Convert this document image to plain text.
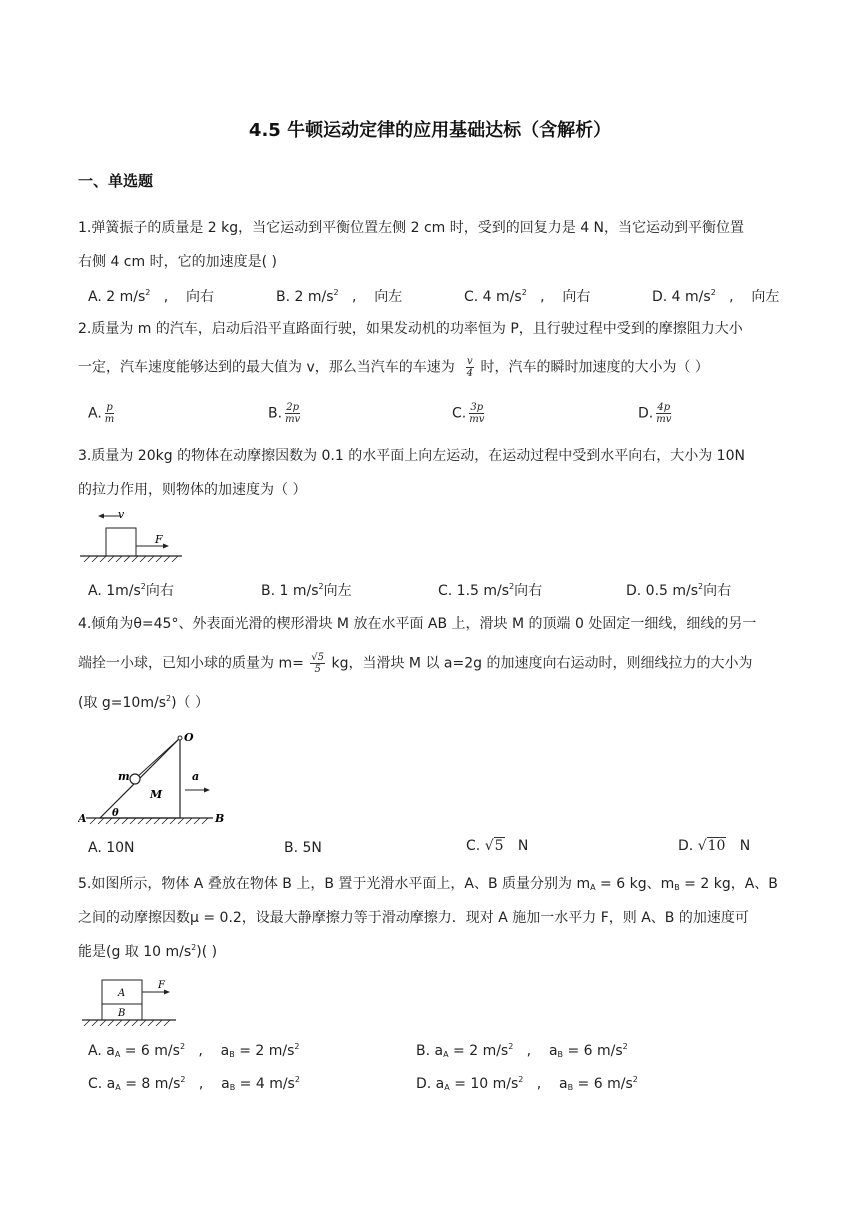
4.5 牛顿运动定律的应用基础达标（含解析）
一、单选题
1.弹簧振子的质量是 2 kg，当它运动到平衡位置左侧 2 cm 时，受到的回复力是 4 N，当它运动到平衡位置
右侧 4 cm 时，它的加速度是( )
A. 2 $m/s^2$ , 向右	B. 2 $m/s^2$ , 向左	C. 4 $m/s^2$ , 向右	D. 4 $m/s^2$ , 向左
2.质量为 m 的汽车，启动后沿平直路面行驶，如果发动机的功率恒为 P，且行驶过程中受到的摩擦阻力大小
一定，汽车速度能够达到的最大值为 v，那么当汽车的车速为 $\frac{v}{4}$ 时，汽车的瞬时加速度的大小为（ ）
A. $\frac{p}{m}$	B. $\frac{2p}{mv}$	C. $\frac{3p}{mv}$	D. $\frac{4p}{mv}$
3.质量为 20kg 的物体在动摩擦因数为 0.1 的水平面上向左运动，在运动过程中受到水平向右，大小为 10N
的拉力作用，则物体的加速度为（ ）
v
F
A. $1m/s^2$向右	B. 1 $m/s^2$向左	C. 1.5 $m/s^2$向右	D. 0.5 $m/s^2$向右
4.倾角为θ=45°、外表面光滑的楔形滑块 M 放在水平面 AB 上，滑块 M 的顶端 0 处固定一细线，细线的另一
端拴一小球，已知小球的质量为 $m= \frac{√5}{5}$ kg，当滑块 M 以 a=2g 的加速度向右运动时，则细线拉力的大小为
(取 $g=10m/s^2$)（ ）
O
m
M
a
θ
A	B
A. 10N	B. 5N	C. √5 N	D. √10 N
5.如图所示，物体 A 叠放在物体 B 上，B 置于光滑水平面上，A、B 质量分别为 $m_A = 6$ kg、$m_B = 2$ kg，A、B
之间的动摩擦因数μ = 0.2，设最大静摩擦力等于滑动摩擦力．现对 A 施加一水平力 F，则 A、B 的加速度可
能是(g 取 10 $m/s^2$)( )
A
B
F
A. $a_A = 6$ $m/s^2$ , $a_B = 2$ $m/s^2$	B. $a_A = 2$ $m/s^2$ , $a_B = 6$ $m/s^2$
C. $a_A = 8$ $m/s^2$ , $a_B = 4$ $m/s^2$	D. $a_A = 10$ $m/s^2$ , $a_B = 6$ $m/s^2$
